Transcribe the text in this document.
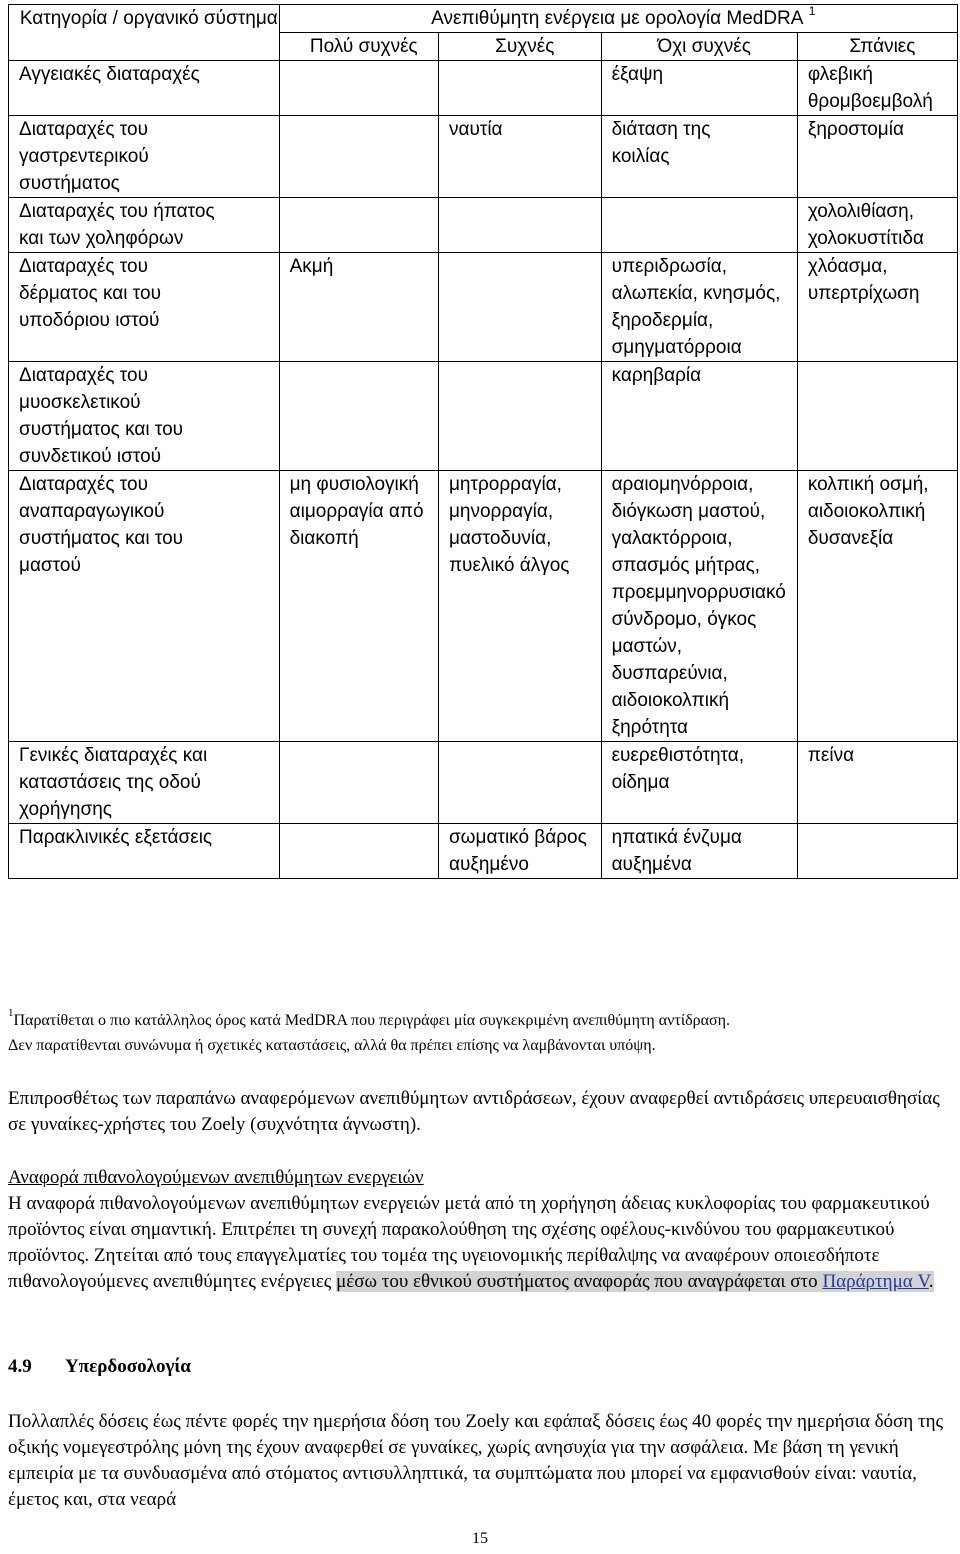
Κατηγορία / οργανικό σύστημα	Ανεπιθύμητη ενέργεια με ορολογία MedDRA $^1$
	Πολύ συχνές	Συχνές	Όχι συχνές	Σπάνιες
Αγγειακές διαταραχές			έξαψη	φλεβική θρομβοεμβολή
Διαταραχές του γαστρεντερικού συστήματος		ναυτία	διάταση της κοιλίας	ξηροστομία
Διαταραχές του ήπατος και των χοληφόρων				χολολιθίαση, χολοκυστίτιδα
Διαταραχές του δέρματος και του υποδόριου ιστού	Ακμή		υπεριδρωσία, αλωπεκία, κνησμός, ξηροδερμία, σμηγματόρροια	χλόασμα, υπερτρίχωση
Διαταραχές του μυοσκελετικού συστήματος και του συνδετικού ιστού			καρηβαρία	
Διαταραχές του αναπαραγωγικού συστήματος και του μαστού	μη φυσιολογική αιμορραγία από διακοπή	μητρορραγία, μηνορραγία, μαστοδυνία, πυελικό άλγος	αραιομηνόρροια, διόγκωση μαστού, γαλακτόρροια, σπασμός μήτρας, προεμμηνορρυσιακό σύνδρομο, όγκος μαστών, δυσπαρεύνια, αιδοιοκολπική ξηρότητα	κολπική οσμή, αιδοιοκολπική δυσανεξία
Γενικές διαταραχές και καταστάσεις της οδού χορήγησης			ευερεθιστότητα, οίδημα	πείνα
Παρακλινικές εξετάσεις		σωματικό βάρος αυξημένο	ηπατικά ένζυμα αυξημένα	
$^1$Παρατίθεται ο πιο κατάλληλος όρος κατά MedDRA που περιγράφει μία συγκεκριμένη ανεπιθύμητη αντίδραση.
Δεν παρατίθενται συνώνυμα ή σχετικές καταστάσεις, αλλά θα πρέπει επίσης να λαμβάνονται υπόψη.
Επιπροσθέτως των παραπάνω αναφερόμενων ανεπιθύμητων αντιδράσεων, έχουν αναφερθεί αντιδράσεις υπερευαισθησίας σε γυναίκες-χρήστες του Zoely (συχνότητα άγνωστη).
Αναφορά πιθανολογούμενων ανεπιθύμητων ενεργειών
Η αναφορά πιθανολογούμενων ανεπιθύμητων ενεργειών μετά από τη χορήγηση άδειας κυκλοφορίας του φαρμακευτικού προϊόντος είναι σημαντική. Επιτρέπει τη συνεχή παρακολούθηση της σχέσης οφέλους-κινδύνου του φαρμακευτικού προϊόντος. Ζητείται από τους επαγγελματίες του τομέα της υγειονομικής περίθαλψης να αναφέρουν οποιεσδήποτε πιθανολογούμενες ανεπιθύμητες ενέργειες μέσω του εθνικού συστήματος αναφοράς που αναγράφεται στο Παράρτημα V.
4.9 Υπερδοσολογία
Πολλαπλές δόσεις έως πέντε φορές την ημερήσια δόση του Zoely και εφάπαξ δόσεις έως 40 φορές την ημερήσια δόση της οξικής νομεγεστρόλης μόνη της έχουν αναφερθεί σε γυναίκες, χωρίς ανησυχία για την ασφάλεια. Με βάση τη γενική εμπειρία με τα συνδυασμένα από στόματος αντισυλληπτικά, τα συμπτώματα που μπορεί να εμφανισθούν είναι: ναυτία, έμετος και, στα νεαρά
15
